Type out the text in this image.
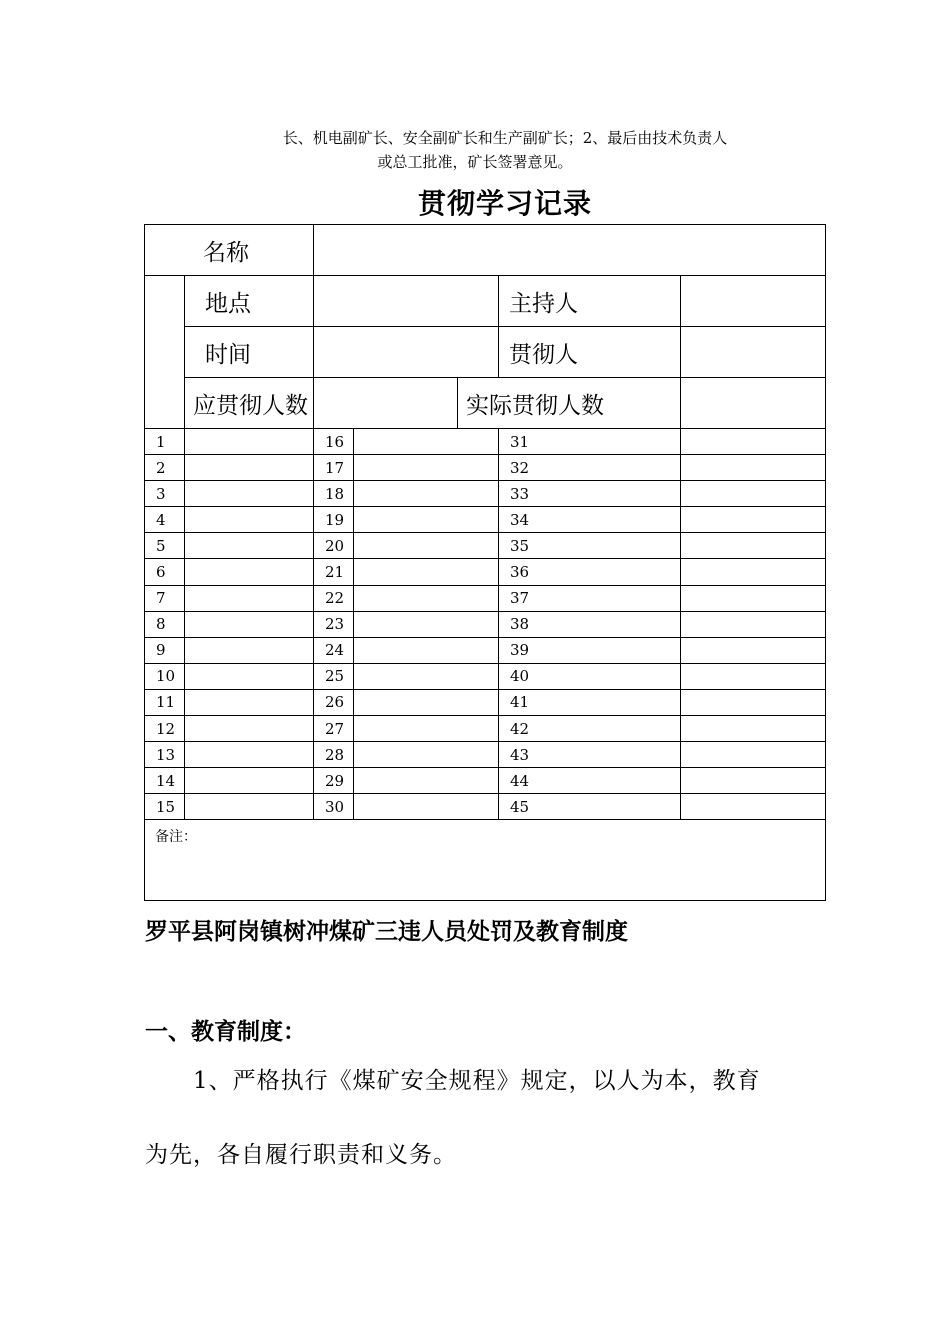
长、机电副矿长、安全副矿长和生产副矿长；2、最后由技术负责人
或总工批准，矿长签署意见。
贯彻学习记录
名称							
	地点				主持人		
	时间				贯彻人		
	应贯彻人数			实际贯彻人数			
1		16			31			
2		17			32			
3		18			33			
4		19			34			
5		20			35			
6		21			36			
7		22			37			
8		23			38			
9		24			39			
10		25			40			
11		26			41			
12		27			42			
13		28			43			
14		29			44			
15		30			45			
备注：							
罗平县阿岗镇树冲煤矿三违人员处罚及教育制度
一、教育制度：
1、严格执行《煤矿安全规程》规定，以人为本，教育
为先，各自履行职责和义务。
